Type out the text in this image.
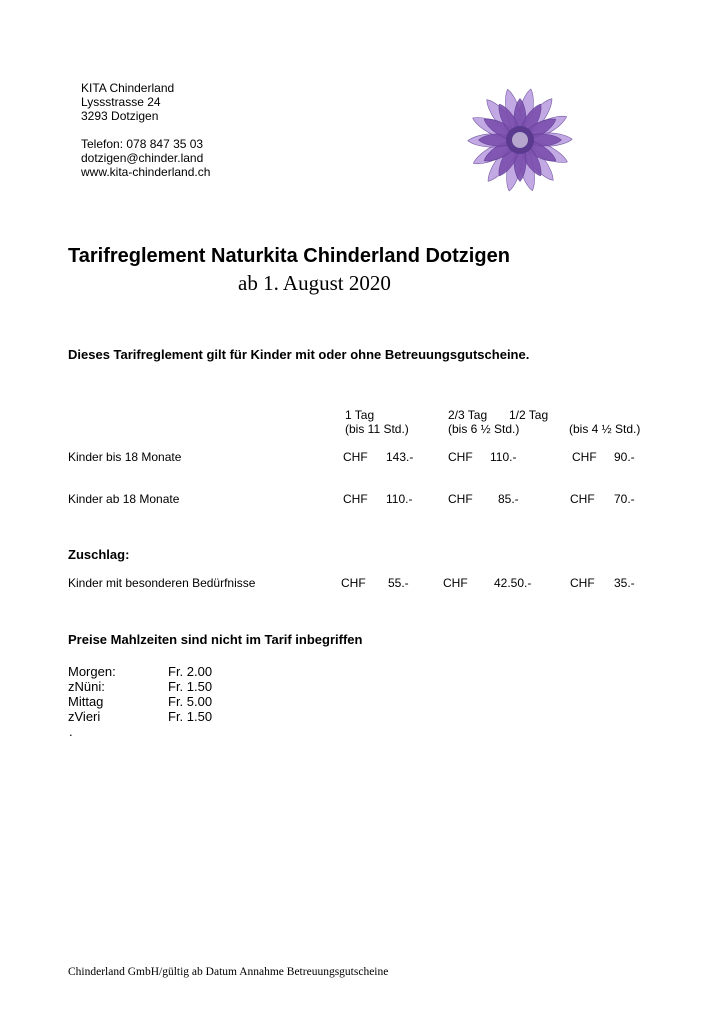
KITA Chinderland
Lyssstrasse 24
3293 Dotzigen
Telefon: 078 847 35 03
dotzigen@chinder.land
www.kita-chinderland.ch
Tarifreglement Naturkita Chinderland Dotzigen
ab 1. August 2020
Dieses Tarifreglement gilt für Kinder mit oder ohne Betreuungsgutscheine.
1 Tag
(bis 11 Std.)
2/3 Tag
(bis 6 ½ Std.)
1/2 Tag
(bis 4 ½ Std.)
Kinder bis 18 Monate	CHF 143.-	CHF 110.-	CHF 90.-
Kinder ab 18 Monate	CHF 110.-	CHF 85.-	CHF 70.-
Zuschlag:
Kinder mit besonderen Bedürfnisse	CHF 55.-	CHF 42.50.-	CHF 35.-
Preise Mahlzeiten sind nicht im Tarif inbegriffen
Morgen:	Fr. 2.00
zNüni:	Fr. 1.50
Mittag	Fr. 5.00
zVieri	Fr. 1.50
.
Chinderland GmbH/gültig ab Datum Annahme Betreuungsgutscheine
